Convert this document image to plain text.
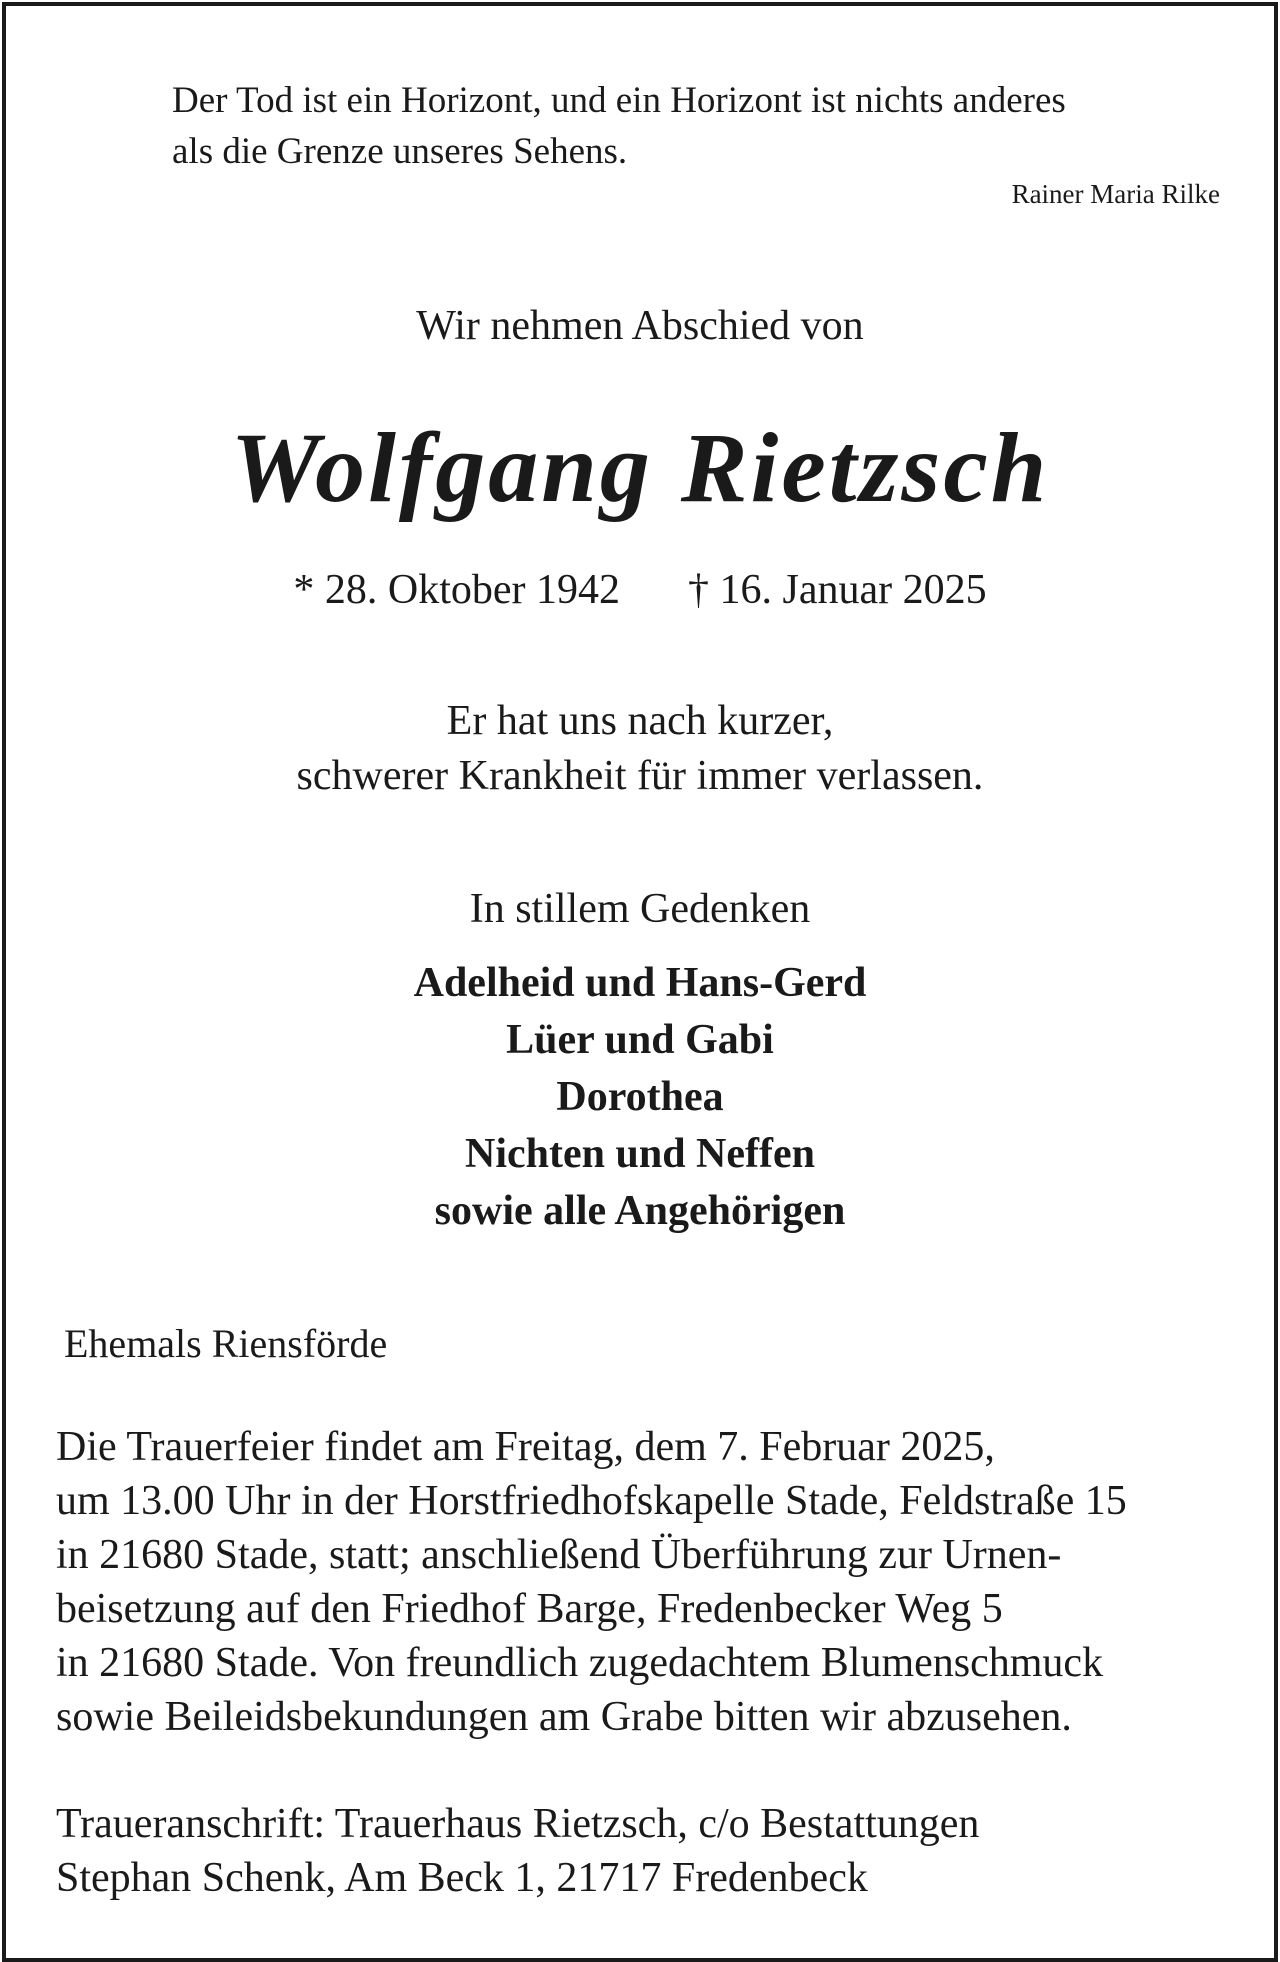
Der Tod ist ein Horizont, und ein Horizont ist nichts anderes

als die Grenze unseres Sehens.

Rainer Maria Rilke

Wir nehmen Abschied von

Wolfgang Rietzsch

* 28. Oktober 1942 † 16. Januar 2025

Er hat uns nach kurzer,

schwerer Krankheit für immer verlassen.

In stillem Gedenken

Adelheid und Hans-Gerd
Lüer und Gabi
Dorothea
Nichten und Neffen
sowie alle Angehörigen

Ehemals Riensförde

Die Trauerfeier findet am Freitag, dem 7. Februar 2025,
um 13.00 Uhr in der Horstfriedhofskapelle Stade, Feldstraße 15
in 21680 Stade, statt; anschließend Überführung zur Urnen-
beisetzung auf den Friedhof Barge, Fredenbecker Weg 5
in 21680 Stade. Von freundlich zugedachtem Blumenschmuck
sowie Beileidsbekundungen am Grabe bitten wir abzusehen.
Traueranschrift: Trauerhaus Rietzsch, c/o Bestattungen
Stephan Schenk, Am Beck 1, 21717 Fredenbeck
